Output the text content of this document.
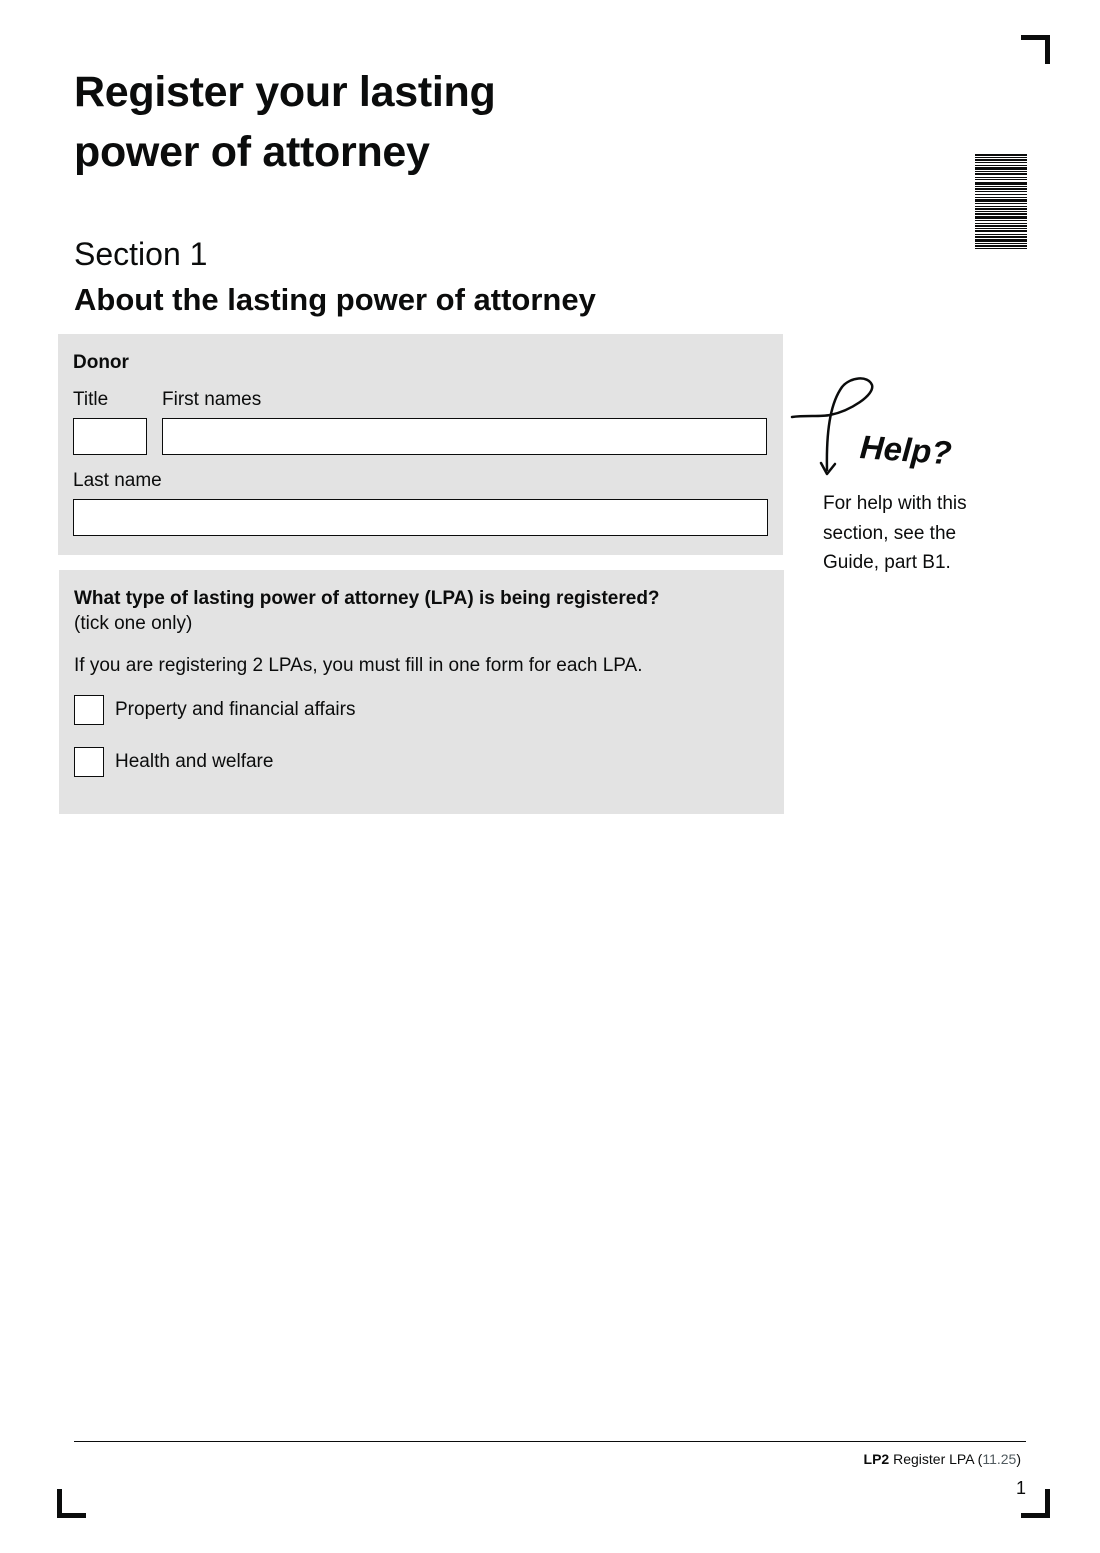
Register your lasting power of attorney
Section 1
About the lasting power of attorney
Donor
Title	First names
Last name
What type of lasting power of attorney (LPA) is being registered?
(tick one only)
If you are registering 2 LPAs, you must fill in one form for each LPA.
Property and financial affairs
Health and welfare
Help?
For help with this section, see the Guide, part B1.
LP2 Register LPA (11.25)
1
